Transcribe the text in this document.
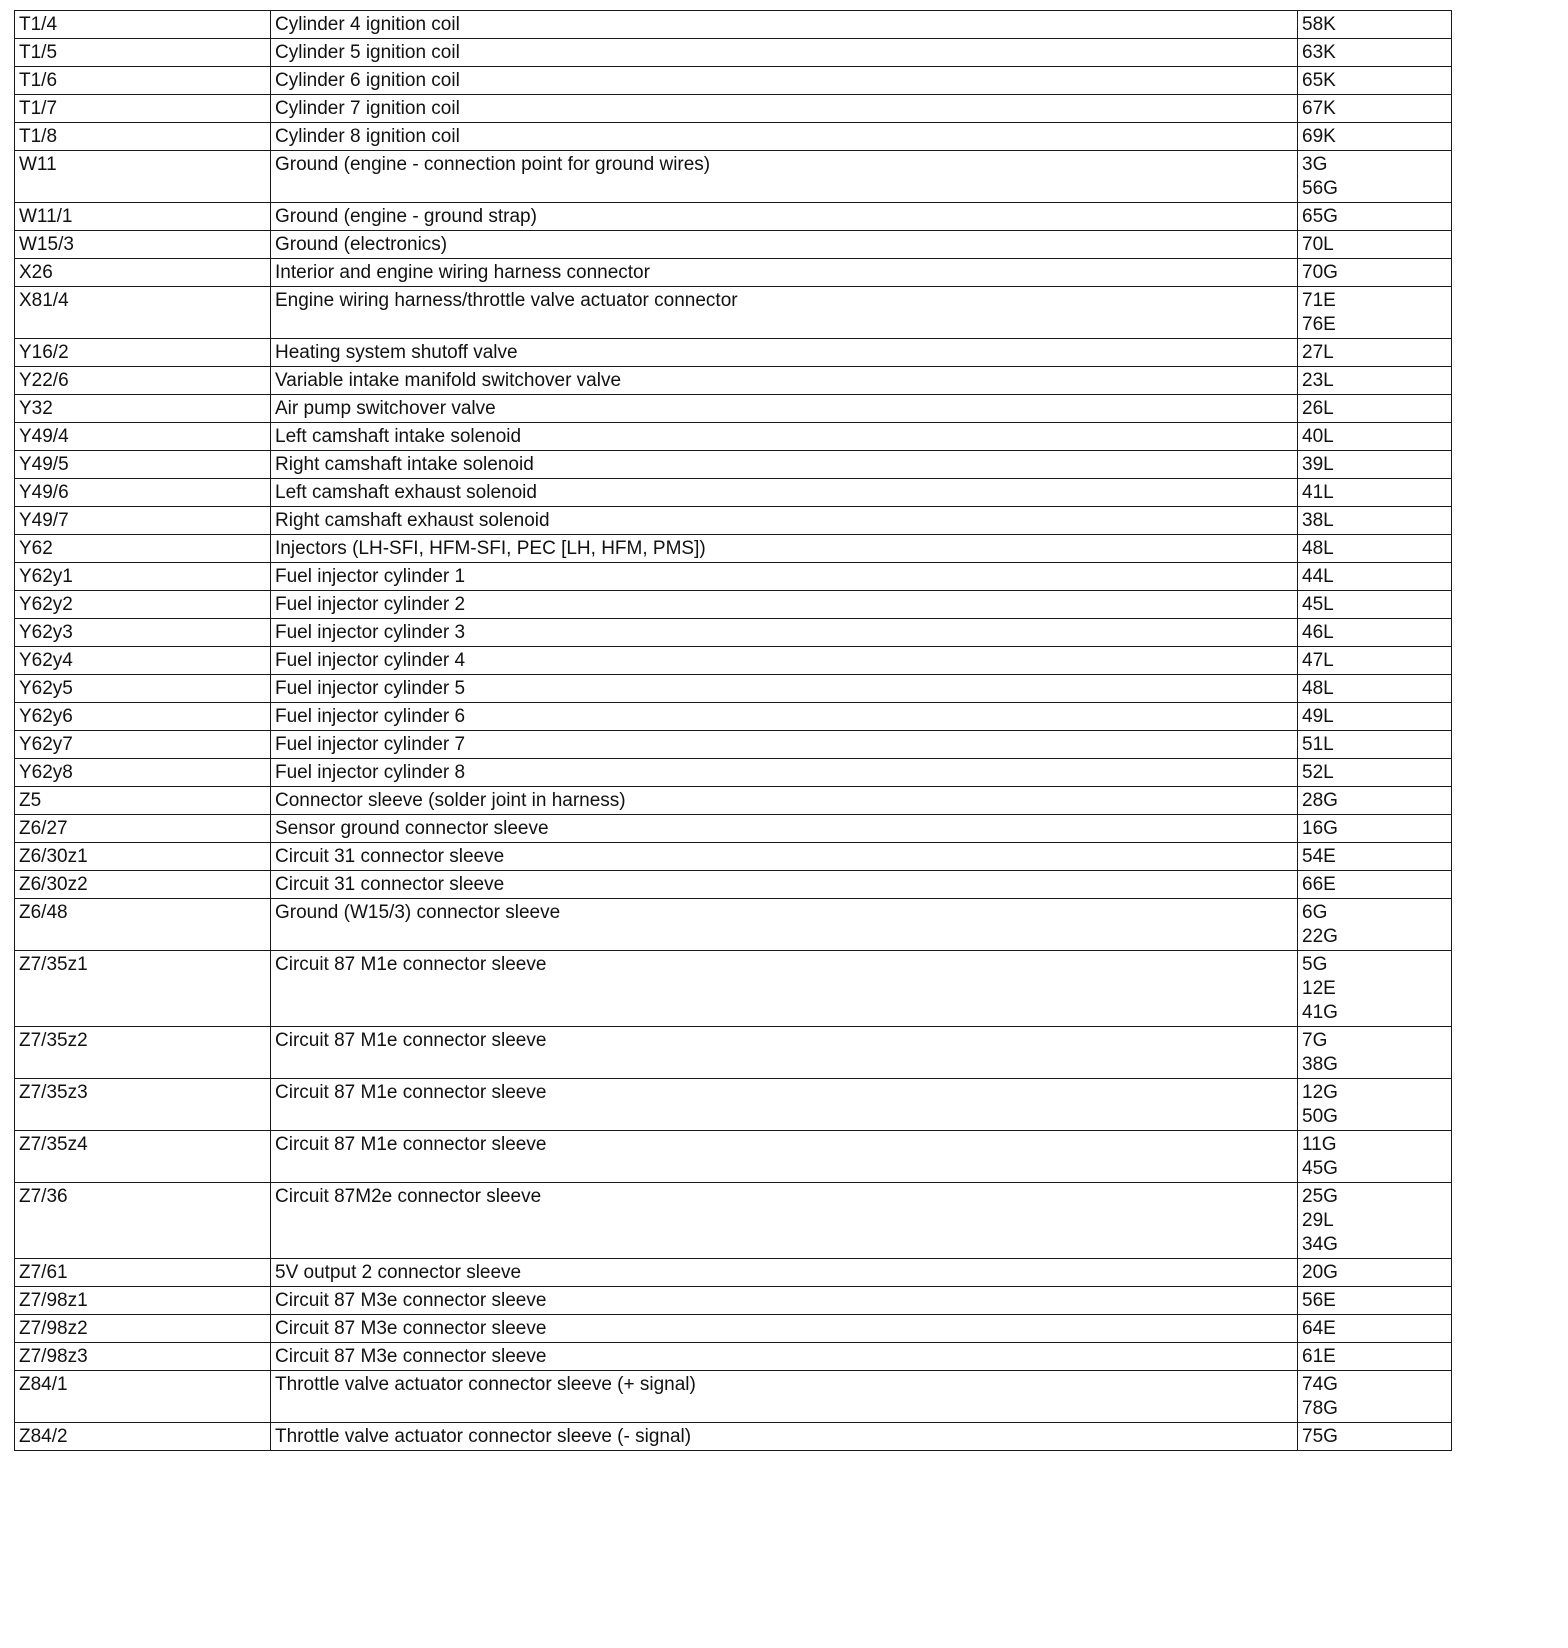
T1/4	Cylinder 4 ignition coil	58K

T1/5	Cylinder 5 ignition coil	63K

T1/6	Cylinder 6 ignition coil	65K

T1/7	Cylinder 7 ignition coil	67K

T1/8	Cylinder 8 ignition coil	69K

W11	Ground (engine - connection point for ground wires)	3G
56G

W11/1	Ground (engine - ground strap)	65G

W15/3	Ground (electronics)	70L

X26	Interior and engine wiring harness connector	70G

X81/4	Engine wiring harness/throttle valve actuator connector	71E
76E

Y16/2	Heating system shutoff valve	27L

Y22/6	Variable intake manifold switchover valve	23L

Y32	Air pump switchover valve	26L

Y49/4	Left camshaft intake solenoid	40L

Y49/5	Right camshaft intake solenoid	39L

Y49/6	Left camshaft exhaust solenoid	41L

Y49/7	Right camshaft exhaust solenoid	38L

Y62	Injectors (LH-SFI, HFM-SFI, PEC [LH, HFM, PMS])	48L

Y62y1	Fuel injector cylinder 1	44L

Y62y2	Fuel injector cylinder 2	45L

Y62y3	Fuel injector cylinder 3	46L

Y62y4	Fuel injector cylinder 4	47L

Y62y5	Fuel injector cylinder 5	48L

Y62y6	Fuel injector cylinder 6	49L

Y62y7	Fuel injector cylinder 7	51L

Y62y8	Fuel injector cylinder 8	52L

Z5	Connector sleeve (solder joint in harness)	28G

Z6/27	Sensor ground connector sleeve	16G

Z6/30z1	Circuit 31 connector sleeve	54E

Z6/30z2	Circuit 31 connector sleeve	66E

Z6/48	Ground (W15/3) connector sleeve	6G
22G

Z7/35z1	Circuit 87 M1e connector sleeve	5G
12E
41G

Z7/35z2	Circuit 87 M1e connector sleeve	7G
38G

Z7/35z3	Circuit 87 M1e connector sleeve	12G
50G

Z7/35z4	Circuit 87 M1e connector sleeve	11G
45G

Z7/36	Circuit 87M2e connector sleeve	25G
29L
34G

Z7/61	5V output 2 connector sleeve	20G

Z7/98z1	Circuit 87 M3e connector sleeve	56E

Z7/98z2	Circuit 87 M3e connector sleeve	64E

Z7/98z3	Circuit 87 M3e connector sleeve	61E

Z84/1	Throttle valve actuator connector sleeve (+ signal)	74G
78G

Z84/2	Throttle valve actuator connector sleeve (- signal)	75G
